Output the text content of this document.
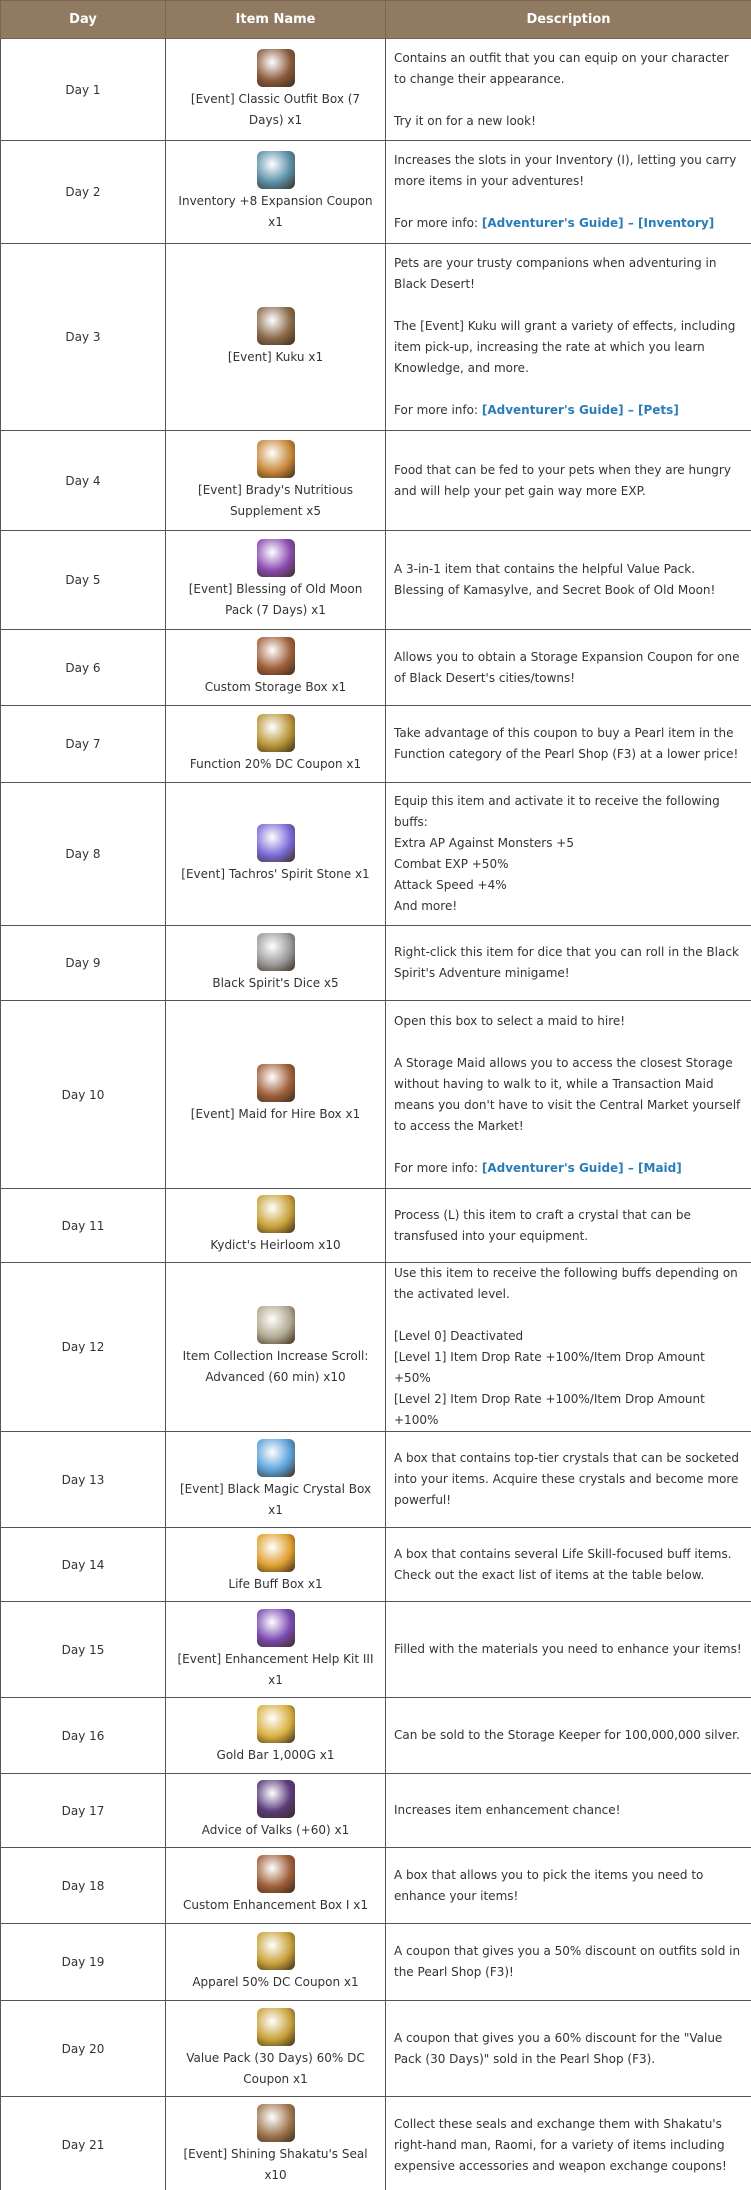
Day	Item Name	Description
Day 1	[Event] Classic Outfit Box (7 Days) x1	Contains an outfit that you can equip on your character to change their appearance.
Try it on for a new look!

Day 2	Inventory +8 Expansion Coupon x1	Increases the slots in your Inventory (I), letting you carry more items in your adventures!
For more info: [Adventurer's Guide] – [Inventory]

Day 3	[Event] Kuku x1	Pets are your trusty companions when adventuring in Black Desert!
The [Event] Kuku will grant a variety of effects, including item pick-up, increasing the rate at which you learn Knowledge, and more.
For more info: [Adventurer's Guide] – [Pets]

Day 4	[Event] Brady's Nutritious Supplement x5	Food that can be fed to your pets when they are hungry and will help your pet gain way more EXP.

Day 5	[Event] Blessing of Old Moon Pack (7 Days) x1	A 3-in-1 item that contains the helpful Value Pack. Blessing of Kamasylve, and Secret Book of Old Moon!

Day 6	Custom Storage Box x1	Allows you to obtain a Storage Expansion Coupon for one of Black Desert's cities/towns!

Day 7	Function 20% DC Coupon x1	Take advantage of this coupon to buy a Pearl item in the Function category of the Pearl Shop (F3) at a lower price!

Day 8	[Event] Tachros' Spirit Stone x1	Equip this item and activate it to receive the following buffs:
Extra AP Against Monsters +5
Combat EXP +50%
Attack Speed +4%
And more!

Day 9	Black Spirit's Dice x5	Right-click this item for dice that you can roll in the Black Spirit's Adventure minigame!

Day 10	[Event] Maid for Hire Box x1	Open this box to select a maid to hire!
A Storage Maid allows you to access the closest Storage without having to walk to it, while a Transaction Maid means you don't have to visit the Central Market yourself to access the Market!
For more info: [Adventurer's Guide] – [Maid]

Day 11	Kydict's Heirloom x10	Process (L) this item to craft a crystal that can be transfused into your equipment.

Day 12	Item Collection Increase Scroll: Advanced (60 min) x10	Use this item to receive the following buffs depending on the activated level.
[Level 0] Deactivated
[Level 1] Item Drop Rate +100%/Item Drop Amount +50%
[Level 2] Item Drop Rate +100%/Item Drop Amount +100%

Day 13	[Event] Black Magic Crystal Box x1	A box that contains top-tier crystals that can be socketed into your items. Acquire these crystals and become more powerful!

Day 14	Life Buff Box x1	A box that contains several Life Skill-focused buff items. Check out the exact list of items at the table below.

Day 15	[Event] Enhancement Help Kit III x1	Filled with the materials you need to enhance your items!

Day 16	Gold Bar 1,000G x1	Can be sold to the Storage Keeper for 100,000,000 silver.

Day 17	Advice of Valks (+60) x1	Increases item enhancement chance!

Day 18	Custom Enhancement Box I x1	A box that allows you to pick the items you need to enhance your items!

Day 19	Apparel 50% DC Coupon x1	A coupon that gives you a 50% discount on outfits sold in the Pearl Shop (F3)!

Day 20	Value Pack (30 Days) 60% DC Coupon x1	A coupon that gives you a 60% discount for the "Value Pack (30 Days)" sold in the Pearl Shop (F3).

Day 21	[Event] Shining Shakatu's Seal x10	Collect these seals and exchange them with Shakatu's right-hand man, Raomi, for a variety of items including expensive accessories and weapon exchange coupons!
